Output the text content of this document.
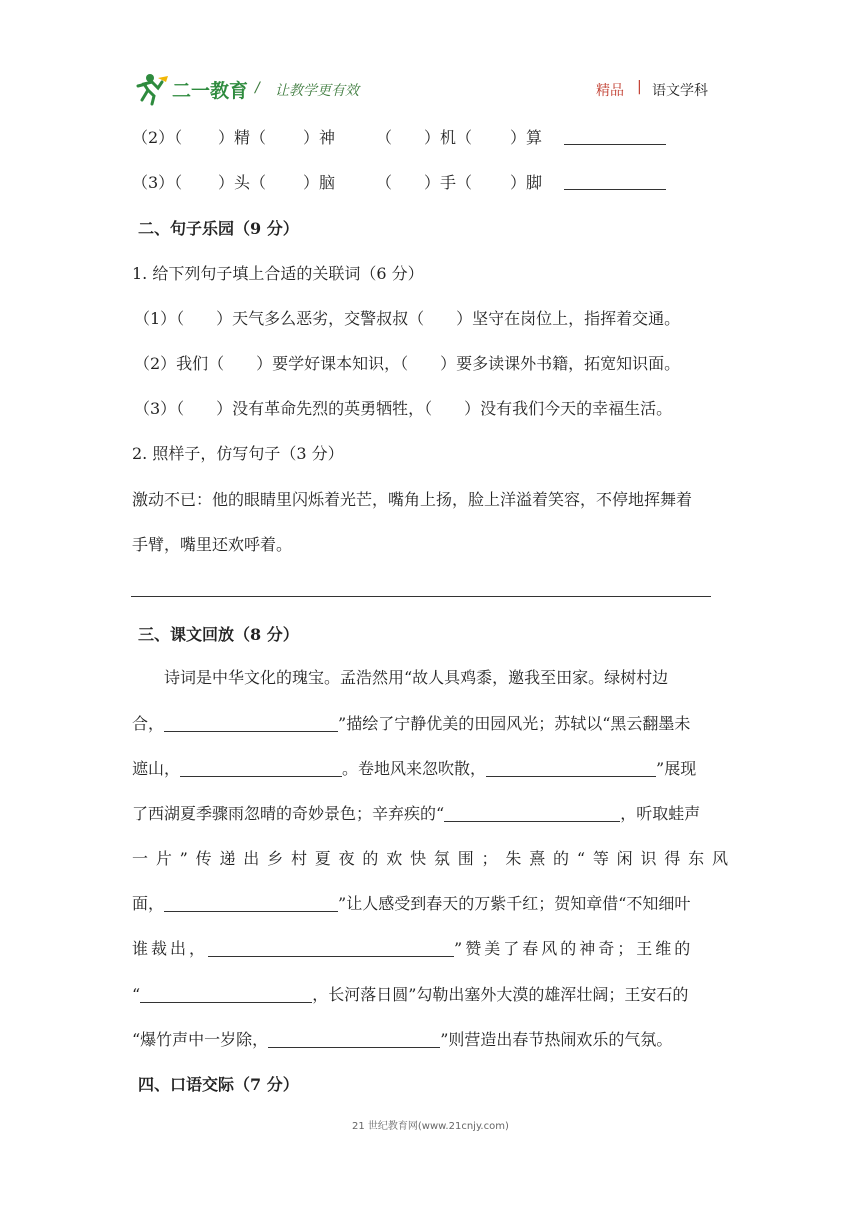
二一教育 / 让教学更有效	精品 | 语文学科
（2）（ ）精（ ）神	（ ）机（ ）算
（3）（ ）头（ ）脑	（ ）手（ ）脚
二、句子乐园（9 分）
1. 给下列句子填上合适的关联词（6 分）
（1）（　　）天气多么恶劣，交警叔叔（　　）坚守在岗位上，指挥着交通。
（2）我们（　　）要学好课本知识，（　　）要多读课外书籍，拓宽知识面。
（3）（　　）没有革命先烈的英勇牺牲，（　　）没有我们今天的幸福生活。
2. 照样子，仿写句子（3 分）
激动不已：他的眼睛里闪烁着光芒，嘴角上扬，脸上洋溢着笑容，不停地挥舞着
手臂，嘴里还欢呼着。
三、课文回放（8 分）
诗词是中华文化的瑰宝。孟浩然用“故人具鸡黍，邀我至田家。绿树村边
合，	”描绘了宁静优美的田园风光；苏轼以“黑云翻墨未
遮山，	。卷地风来忽吹散，	”展现
了西湖夏季骤雨忽晴的奇妙景色；辛弃疾的“	，听取蛙声
一片”传递出乡村夏夜的欢快氛围；朱熹的“等闲识得东风
面，	”让人感受到春天的万紫千红；贺知章借“不知细叶
谁裁出，	”赞美了春风的神奇；王维的
“	，长河落日圆”勾勒出塞外大漠的雄浑壮阔；王安石的
“爆竹声中一岁除，	”则营造出春节热闹欢乐的气氛。
四、口语交际（7 分）
21 世纪教育网(www.21cnjy.com)
